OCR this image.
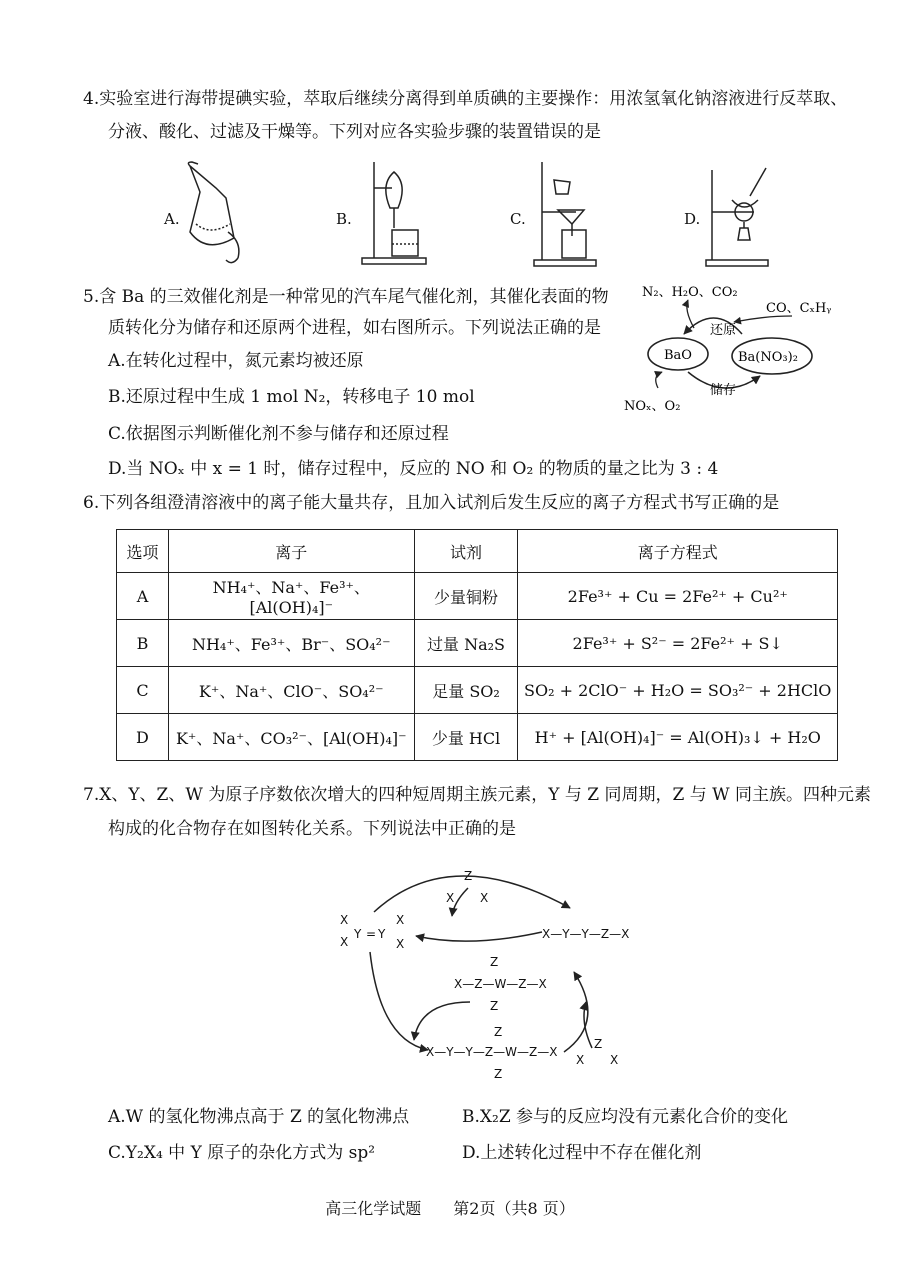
4.实验室进行海带提碘实验，萃取后继续分离得到单质碘的主要操作：用浓氢氧化钠溶液进行反萃取、
分液、酸化、过滤及干燥等。下列对应各实验步骤的装置错误的是
A.	B.	C.	D.
5.含 Ba 的三效催化剂是一种常见的汽车尾气催化剂，其催化表面的物
质转化分为储存和还原两个进程，如右图所示。下列说法正确的是
A.在转化过程中，氮元素均被还原
B.还原过程中生成 1 mol N₂，转移电子 10 mol
C.依据图示判断催化剂不参与储存和还原过程
D.当 NOₓ 中 x = 1 时，储存过程中，反应的 NO 和 O₂ 的物质的量之比为 3 : 4
N₂、H₂O、CO₂
CO、CₓHᵧ
还原
BaO	Ba(NO₃)₂
储存
NOₓ、O₂
6.下列各组澄清溶液中的离子能大量共存，且加入试剂后发生反应的离子方程式书写正确的是
选项	离子	试剂	离子方程式
A	NH₄⁺、Na⁺、Fe³⁺、[Al(OH)₄]⁻	少量铜粉	2Fe³⁺ + Cu = 2Fe²⁺ + Cu²⁺
B	NH₄⁺、Fe³⁺、Br⁻、SO₄²⁻	过量 Na₂S	2Fe³⁺ + S²⁻ = 2Fe²⁺ + S↓
C	K⁺、Na⁺、ClO⁻、SO₄²⁻	足量 SO₂	SO₂ + 2ClO⁻ + H₂O = SO₃²⁻ + 2HClO
D	K⁺、Na⁺、CO₃²⁻、[Al(OH)₄]⁻	少量 HCl	H⁺ + [Al(OH)₄]⁻ = Al(OH)₃↓ + H₂O
7.X、Y、Z、W 为原子序数依次增大的四种短周期主族元素，Y 与 Z 同周期，Z 与 W 同主族。四种元素
构成的化合物存在如图转化关系。下列说法中正确的是
X
X
Y = Y
X
X
Z
X X
X—Y—Y—Z—X
X—Z—W—Z—X
Z
Z
X—Y—Y—Z—W—Z—X
Z
Z
Z
X X
A.W 的氢化物沸点高于 Z 的氢化物沸点	B.X₂Z 参与的反应均没有元素化合价的变化
C.Y₂X₄ 中 Y 原子的杂化方式为 sp²	D.上述转化过程中不存在催化剂
高三化学试题　　第2页（共8 页）
